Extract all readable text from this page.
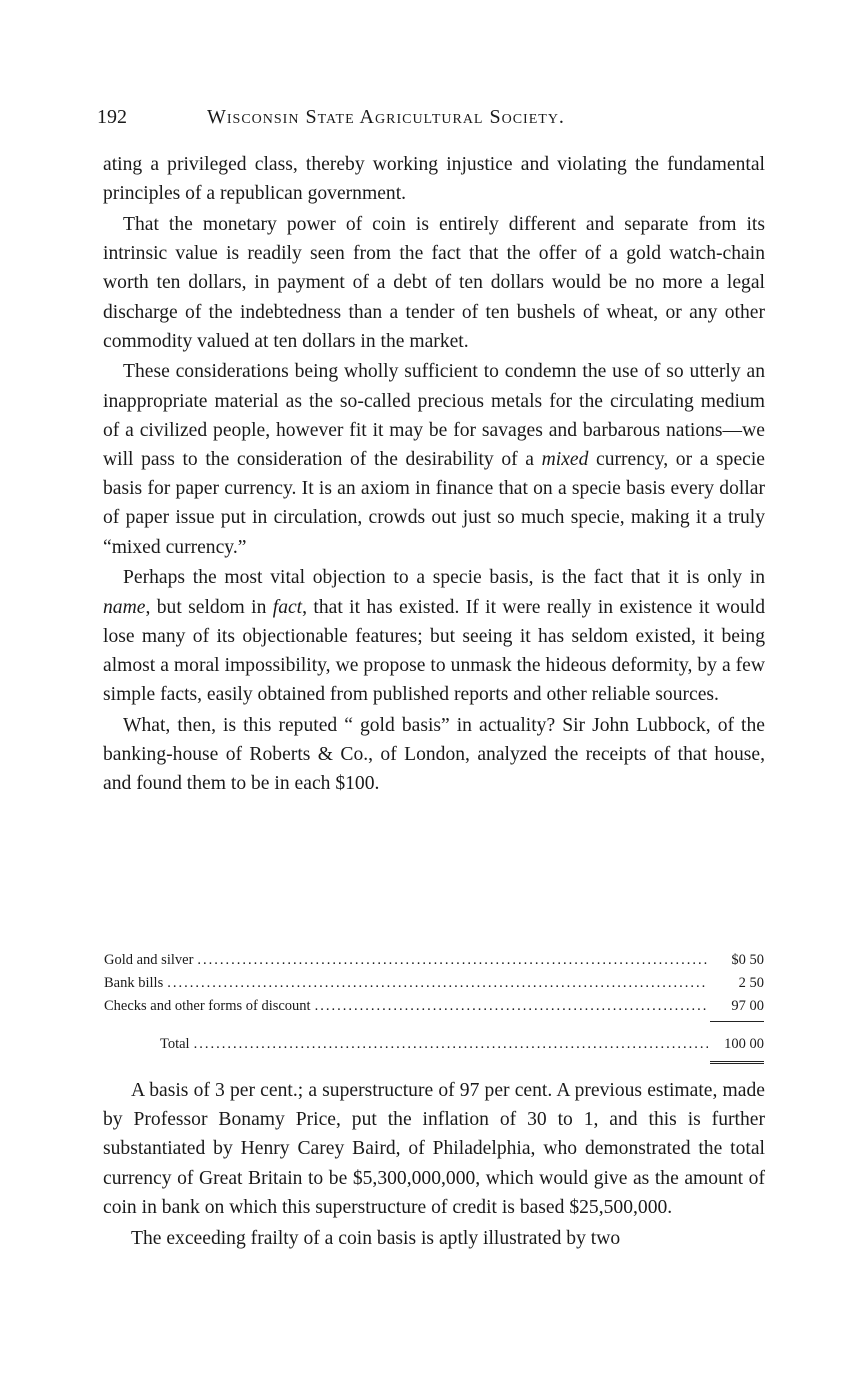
192	Wisconsin State Agricultural Society.

ating a privileged class, thereby working injustice and violating the fundamental principles of a republican government.

That the monetary power of coin is entirely different and separate from its intrinsic value is readily seen from the fact that the offer of a gold watch-chain worth ten dollars, in payment of a debt of ten dollars would be no more a legal discharge of the indebtedness than a tender of ten bushels of wheat, or any other commodity valued at ten dollars in the market.

These considerations being wholly sufficient to condemn the use of so utterly an inappropriate material as the so-called precious metals for the circulating medium of a civilized people, however fit it may be for savages and barbarous nations—we will pass to the consideration of the desirability of a mixed currency, or a specie basis for paper currency. It is an axiom in finance that on a specie basis every dollar of paper issue put in circulation, crowds out just so much specie, making it a truly “mixed currency.”

Perhaps the most vital objection to a specie basis, is the fact that it is only in name, but seldom in fact, that it has existed. If it were really in existence it would lose many of its objectionable features; but seeing it has seldom existed, it being almost a moral impossibility, we propose to unmask the hideous deformity, by a few simple facts, easily obtained from published reports and other reliable sources.

What, then, is this reputed “ gold basis” in actuality? Sir John Lubbock, of the banking-house of Roberts & Co., of London, analyzed the receipts of that house, and found them to be in each $100.

Gold and silver .....	$0 50
Bank bills .....	2 50
Checks and other forms of discount .....	97 00
Total .....	100 00

A basis of 3 per cent.; a superstructure of 97 per cent. A previous estimate, made by Professor Bonamy Price, put the inflation of 30 to 1, and this is further substantiated by Henry Carey Baird, of Philadelphia, who demonstrated the total currency of Great Britain to be $5,300,000,000, which would give as the amount of coin in bank on which this superstructure of credit is based $25,500,000.

The exceeding frailty of a coin basis is aptly illustrated by two
